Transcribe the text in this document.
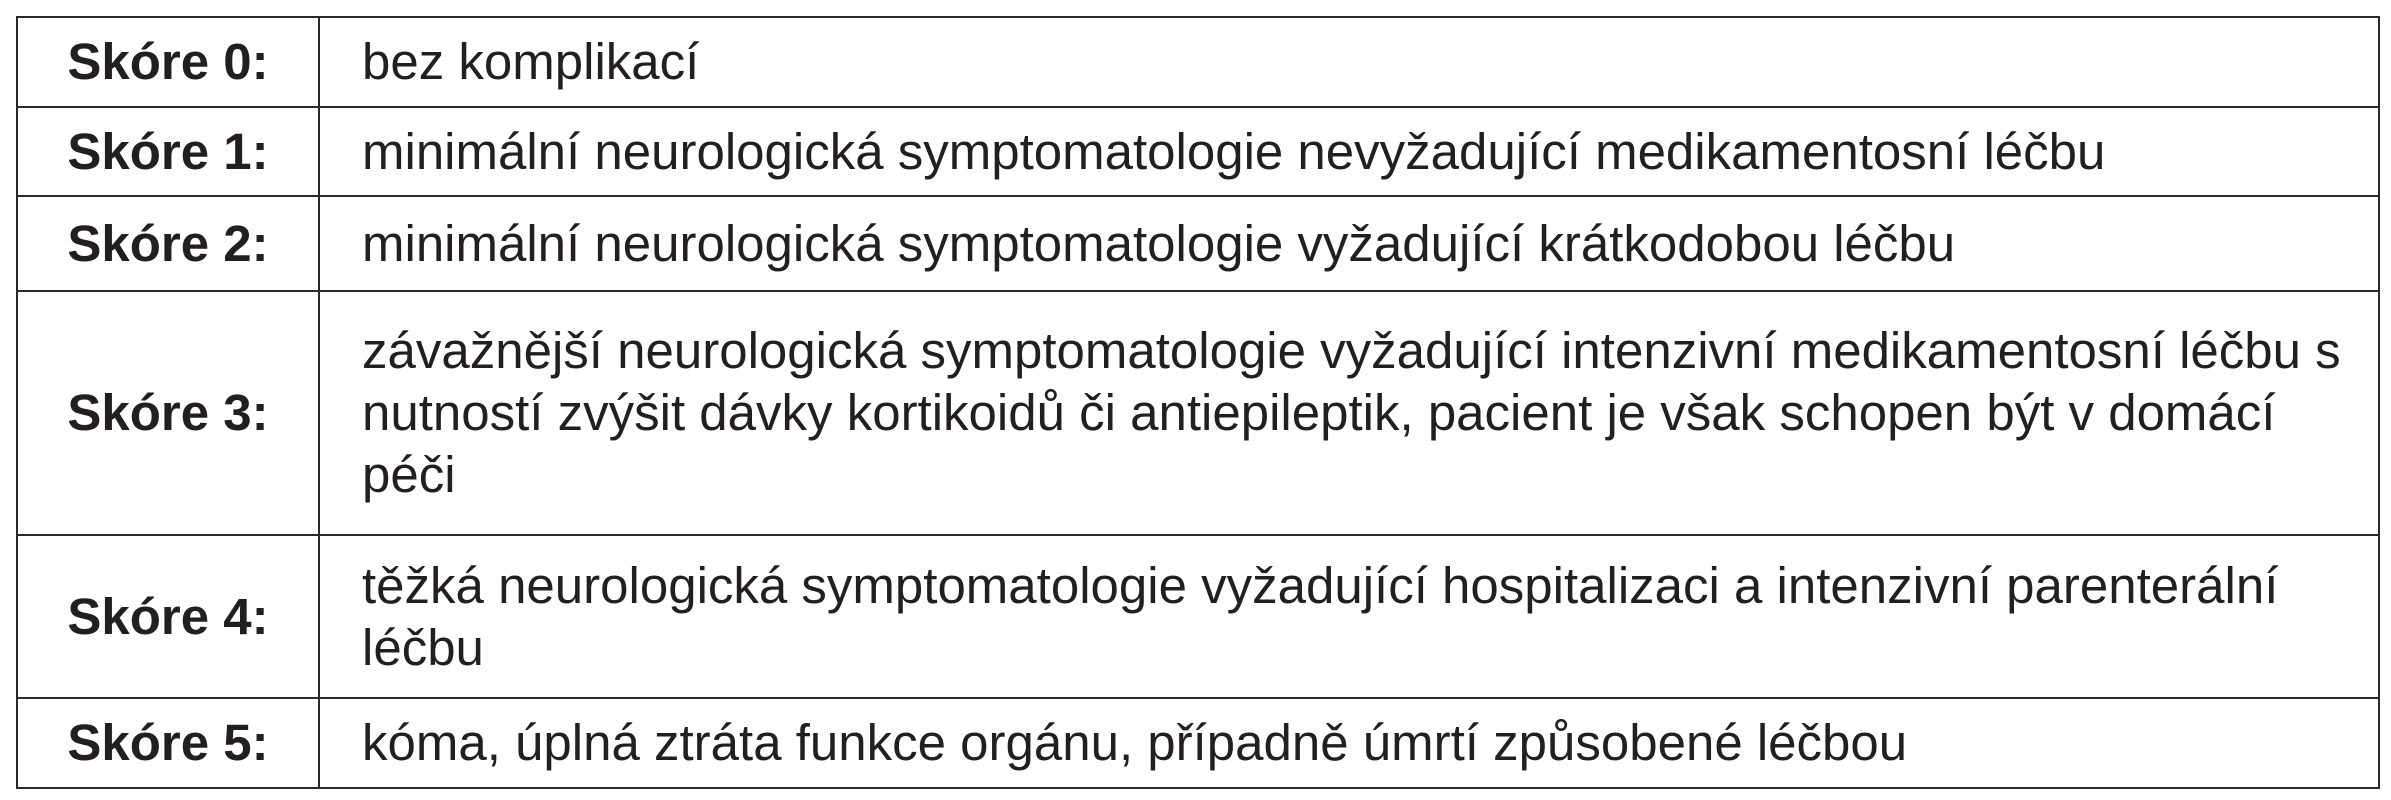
Skóre 0:	bez komplikací
Skóre 1:	minimální neurologická symptomatologie nevyžadující medikamentosní léčbu
Skóre 2:	minimální neurologická symptomatologie vyžadující krátkodobou léčbu
Skóre 3:	závažnější neurologická symptomatologie vyžadující intenzivní medikamentosní léčbu s nutností zvýšit dávky kortikoidů či antiepileptik, pacient je však schopen být v domácí péči
Skóre 4:	těžká neurologická symptomatologie vyžadující hospitalizaci a intenzivní parenterální léčbu
Skóre 5:	kóma, úplná ztráta funkce orgánu, případně úmrtí způsobené léčbou
